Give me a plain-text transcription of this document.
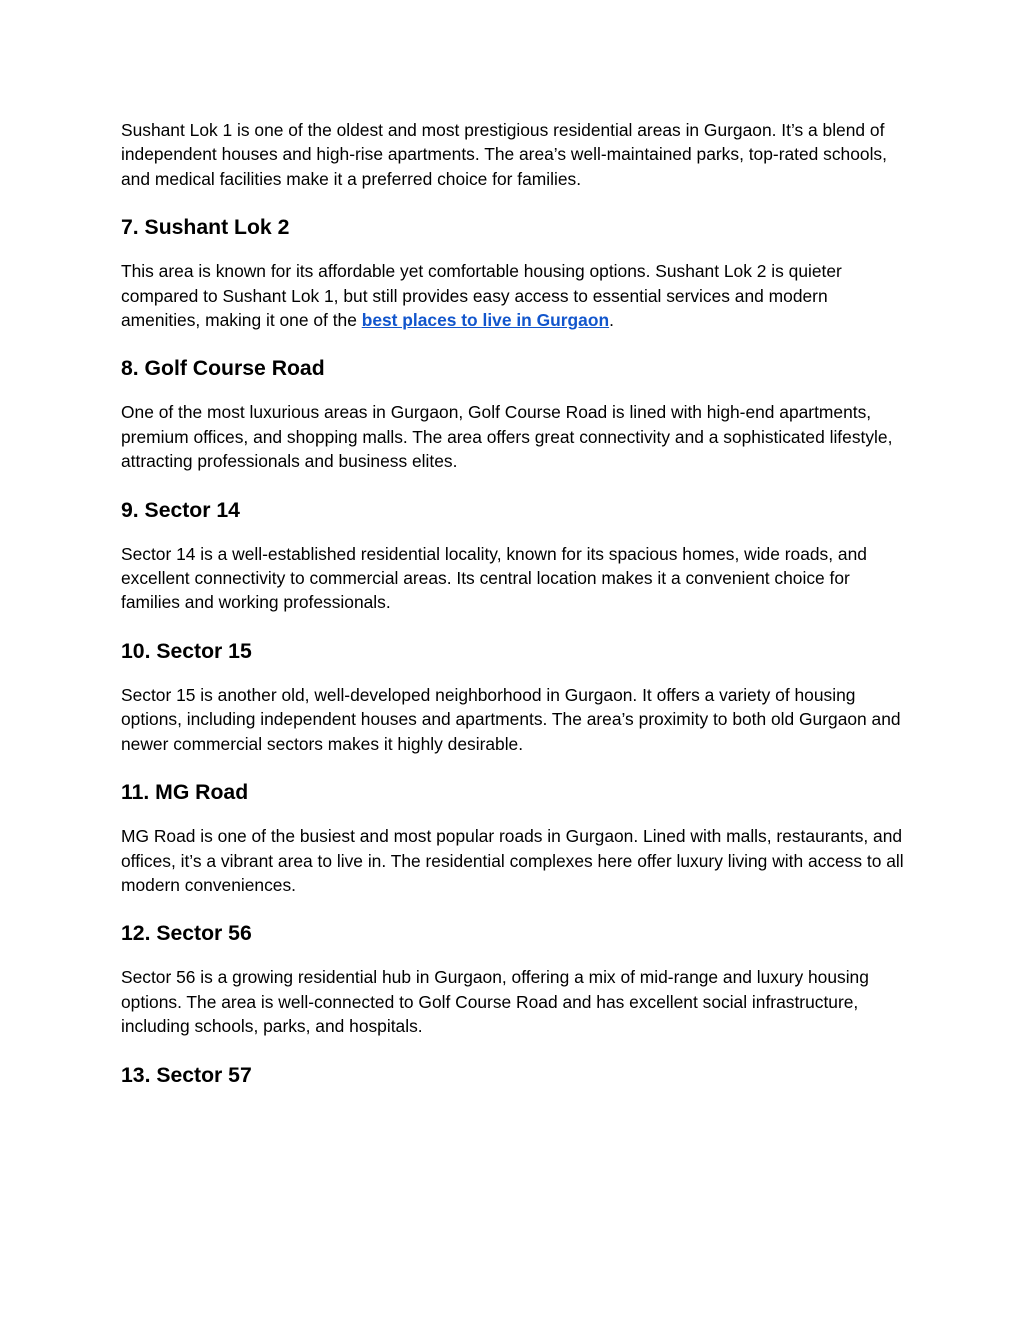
Sushant Lok 1 is one of the oldest and most prestigious residential areas in Gurgaon. It’s a blend of independent houses and high-rise apartments. The area’s well-maintained parks, top-rated schools, and medical facilities make it a preferred choice for families.

7. Sushant Lok 2

This area is known for its affordable yet comfortable housing options. Sushant Lok 2 is quieter compared to Sushant Lok 1, but still provides easy access to essential services and modern amenities, making it one of the best places to live in Gurgaon.

8. Golf Course Road

One of the most luxurious areas in Gurgaon, Golf Course Road is lined with high-end apartments, premium offices, and shopping malls. The area offers great connectivity and a sophisticated lifestyle, attracting professionals and business elites.

9. Sector 14

Sector 14 is a well-established residential locality, known for its spacious homes, wide roads, and excellent connectivity to commercial areas. Its central location makes it a convenient choice for families and working professionals.

10. Sector 15

Sector 15 is another old, well-developed neighborhood in Gurgaon. It offers a variety of housing options, including independent houses and apartments. The area’s proximity to both old Gurgaon and newer commercial sectors makes it highly desirable.

11. MG Road

MG Road is one of the busiest and most popular roads in Gurgaon. Lined with malls, restaurants, and offices, it’s a vibrant area to live in. The residential complexes here offer luxury living with access to all modern conveniences.

12. Sector 56

Sector 56 is a growing residential hub in Gurgaon, offering a mix of mid-range and luxury housing options. The area is well-connected to Golf Course Road and has excellent social infrastructure, including schools, parks, and hospitals.

13. Sector 57
